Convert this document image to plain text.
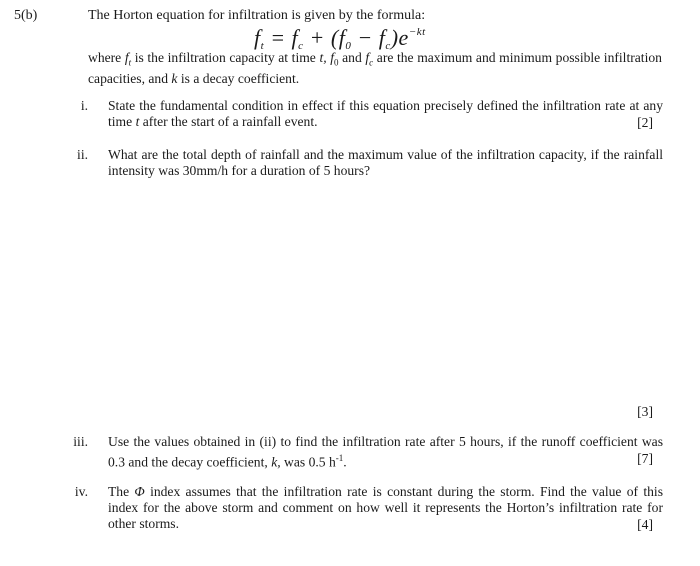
5(b)	The Horton equation for infiltration is given by the formula:
$f_t = f_c + (f_0 - f_c)e^{-kt}$
where $f_t$ is the infiltration capacity at time t, $f_0$ and $f_c$ are the maximum and minimum possible infiltration capacities, and k is a decay coefficient.
i. State the fundamental condition in effect if this equation precisely defined the infiltration rate at any time t after the start of a rainfall event.	[2]
ii. What are the total depth of rainfall and the maximum value of the infiltration capacity, if the rainfall intensity was 30mm/h for a duration of 5 hours?
[3]
iii. Use the values obtained in (ii) to find the infiltration rate after 5 hours, if the runoff coefficient was 0.3 and the decay coefficient, k, was 0.5 $h^{-1}$.	[7]
iv. The Φ index assumes that the infiltration rate is constant during the storm. Find the value of this index for the above storm and comment on how well it represents the Horton’s infiltration rate for other storms.	[4]
